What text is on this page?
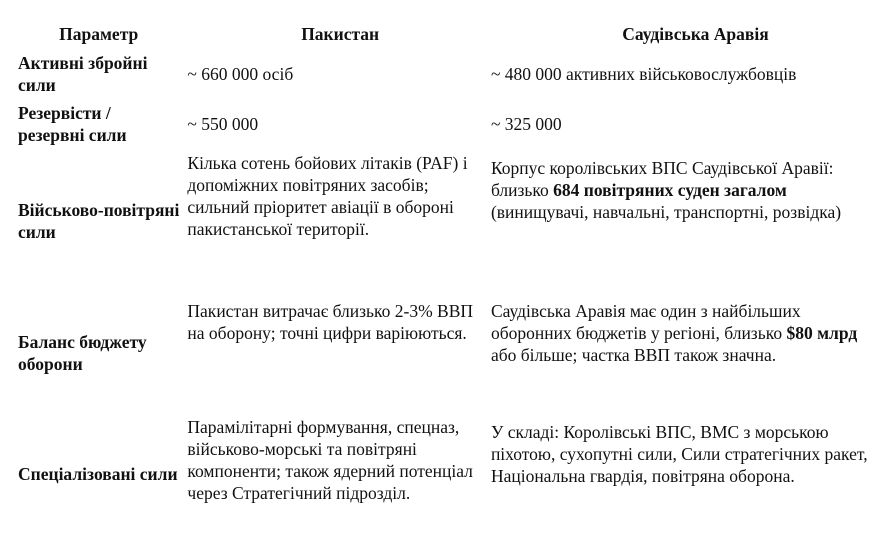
Параметр	Пакистан	Саудівська Аравія
Активні збройні сили	~ 660 000 осіб	~ 480 000 активних військовослужбовців
Резервісти / резервні сили	~ 550 000	~ 325 000
Військово-повітряні сили	Кілька сотень бойових літаків (PAF) і допоміжних повітряних засобів; сильний пріоритет авіації в обороні пакистанської території.	Корпус королівських ВПС Саудівської Аравії: близько 684 повітряних суден загалом (винищувачі, навчальні, транспортні, розвідка)
Баланс бюджету оборони	Пакистан витрачає близько 2-3% ВВП на оборону; точні цифри варіюються.	Саудівська Аравія має один з найбільших оборонних бюджетів у регіоні, близько $80 млрд або більше; частка ВВП також значна.
Спеціалізовані сили	Парамілітарні формування, спецназ, військово-морські та повітряні компоненти; також ядерний потенціал через Стратегічний підрозділ.	У складі: Королівські ВПС, ВМС з морською піхотою, сухопутні сили, Сили стратегічних ракет, Національна гвардія, повітряна оборона.
